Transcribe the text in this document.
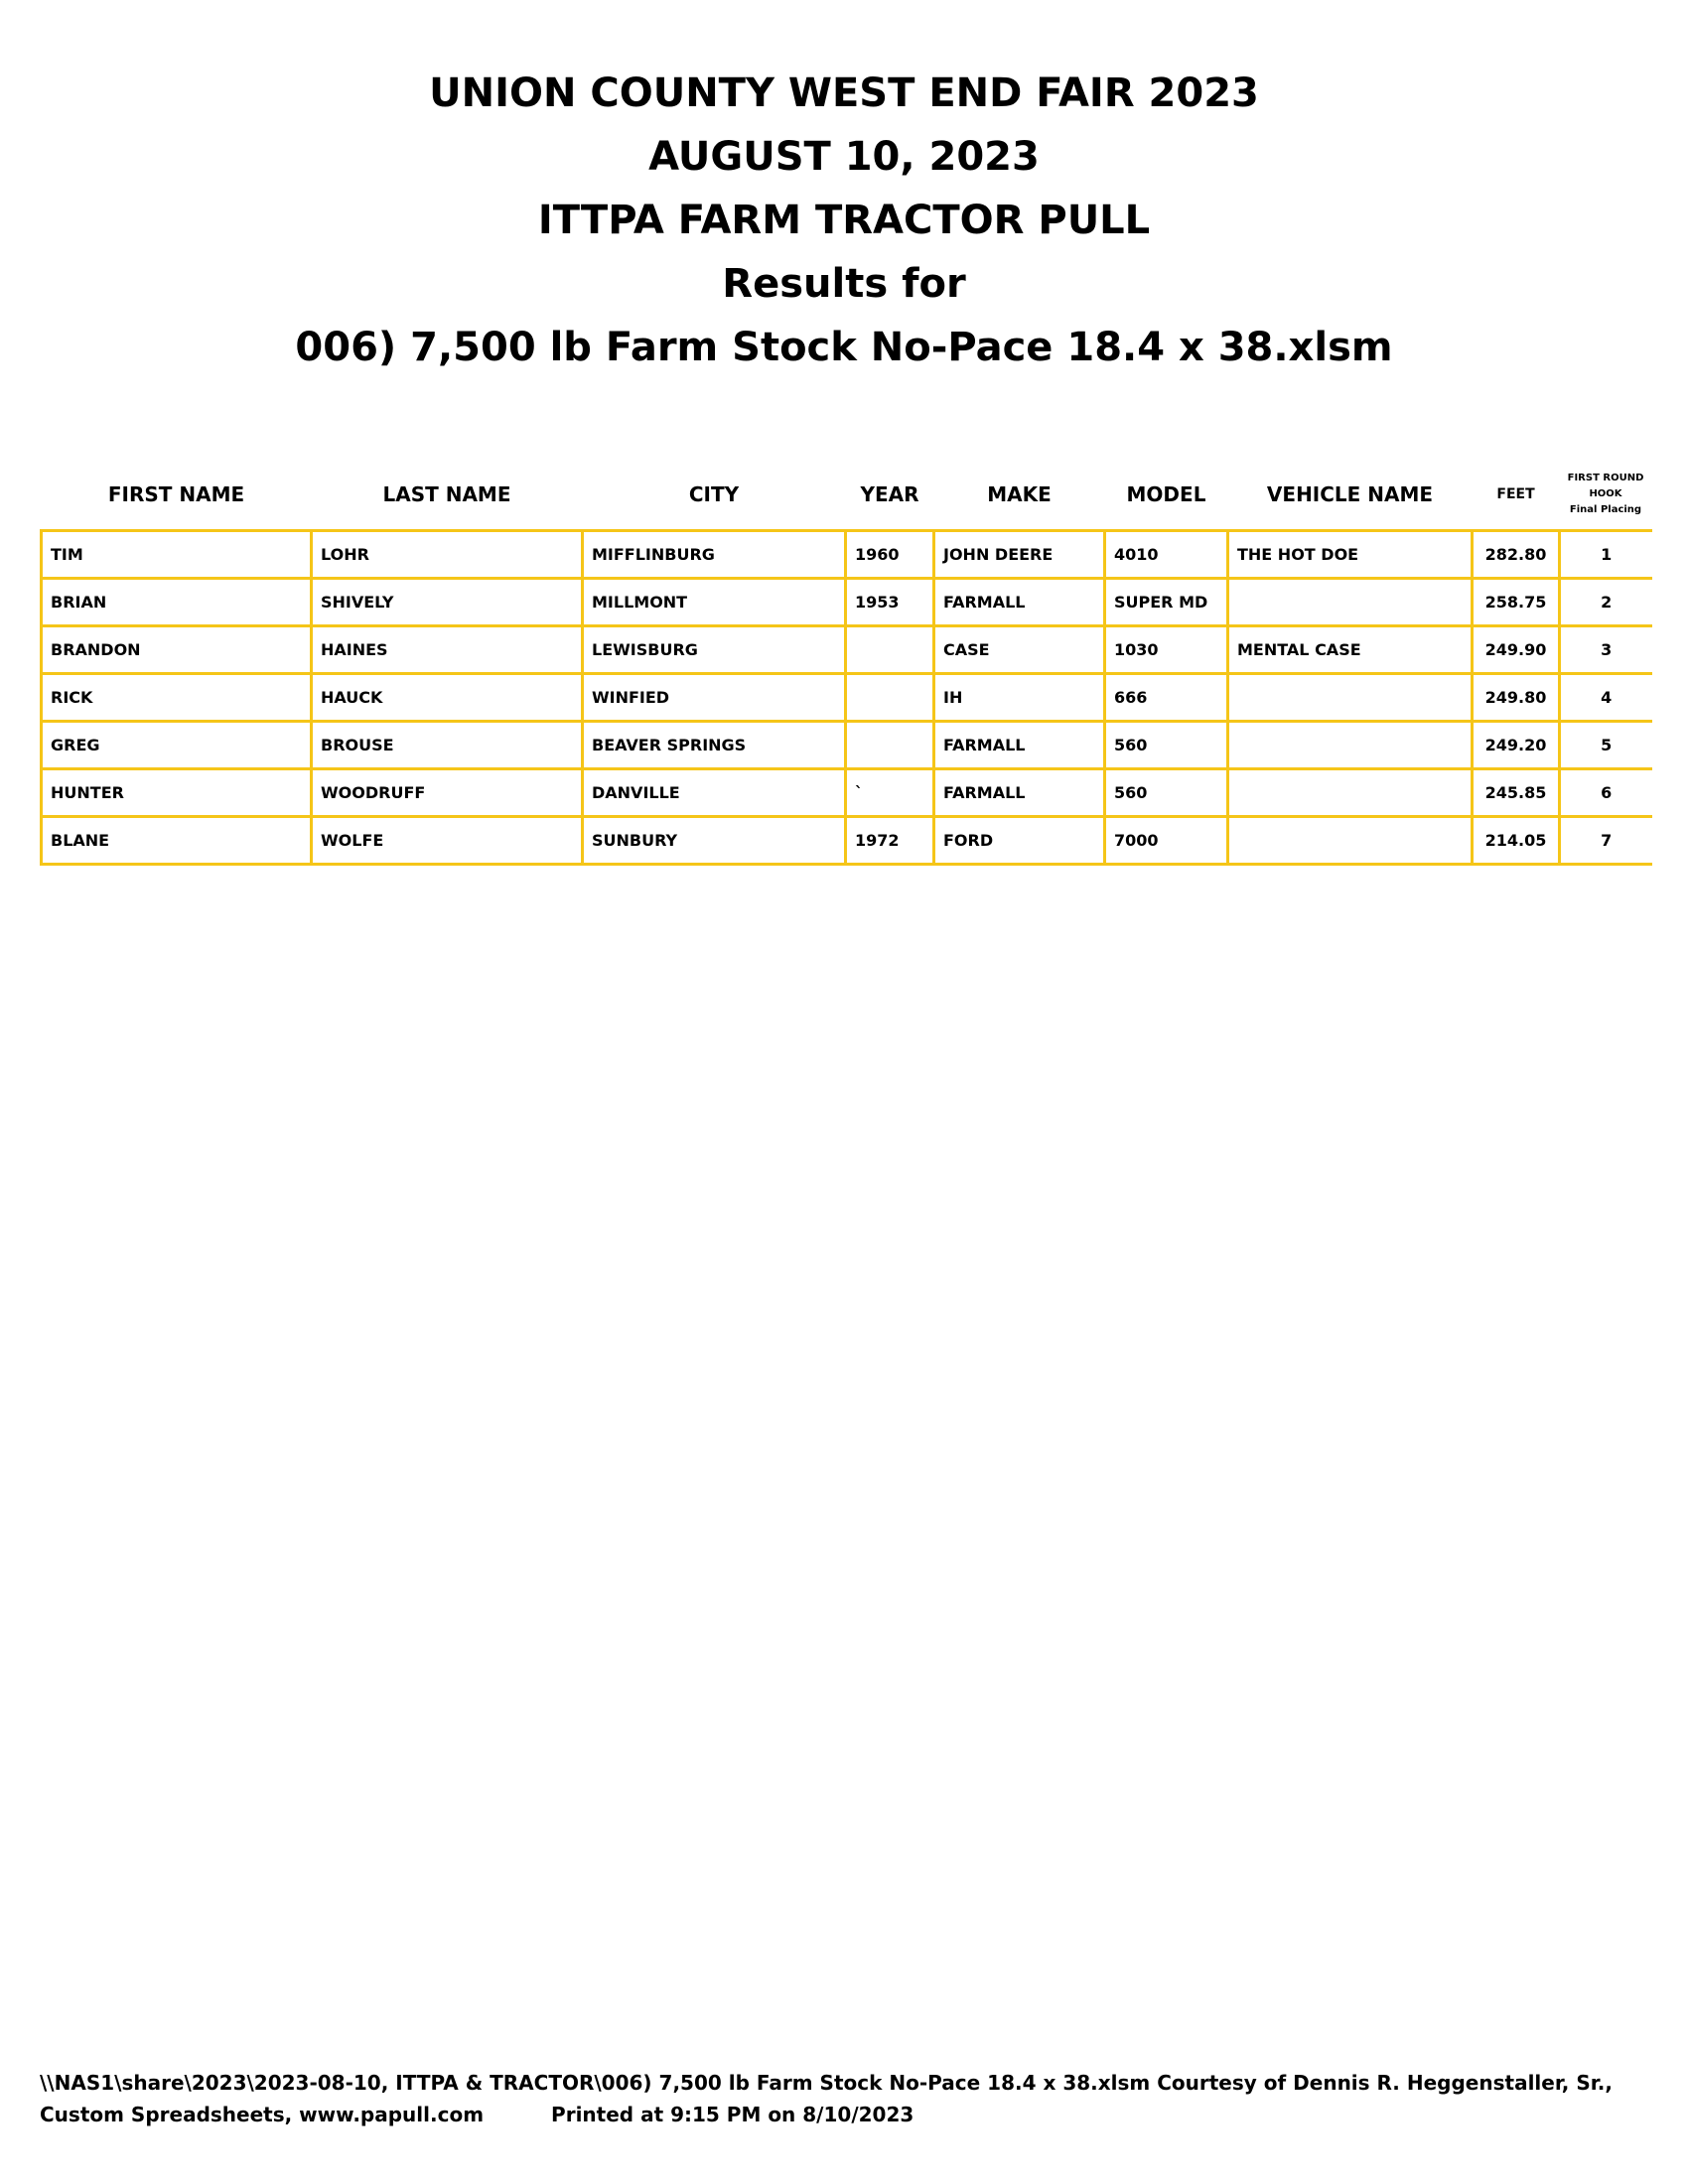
UNION COUNTY WEST END FAIR 2023
AUGUST 10, 2023
ITTPA FARM TRACTOR PULL
Results for
006) 7,500 lb Farm Stock No-Pace 18.4 x 38.xlsm
FIRST NAME	LAST NAME	CITY	YEAR	MAKE	MODEL	VEHICLE NAME	FEET	FIRST ROUND
HOOK
Final Placing

TIM	LOHR	MIFFLINBURG	1960	JOHN DEERE	4010	THE HOT DOE	282.80	1
BRIAN	SHIVELY	MILLMONT	1953	FARMALL	SUPER MD		258.75	2
BRANDON	HAINES	LEWISBURG		CASE	1030	MENTAL CASE	249.90	3
RICK	HAUCK	WINFIED		IH	666		249.80	4
GREG	BROUSE	BEAVER SPRINGS		FARMALL	560		249.20	5
HUNTER	WOODRUFF	DANVILLE	`	FARMALL	560		245.85	6
BLANE	WOLFE	SUNBURY	1972	FORD	7000		214.05	7
\\NAS1\share\2023\2023-08-10, ITTPA & TRACTOR\006) 7,500 lb Farm Stock No-Pace 18.4 x 38.xlsm Courtesy of Dennis R. Heggenstaller, Sr.,
Custom Spreadsheets, www.papull.com	Printed at 9:15 PM on 8/10/2023
